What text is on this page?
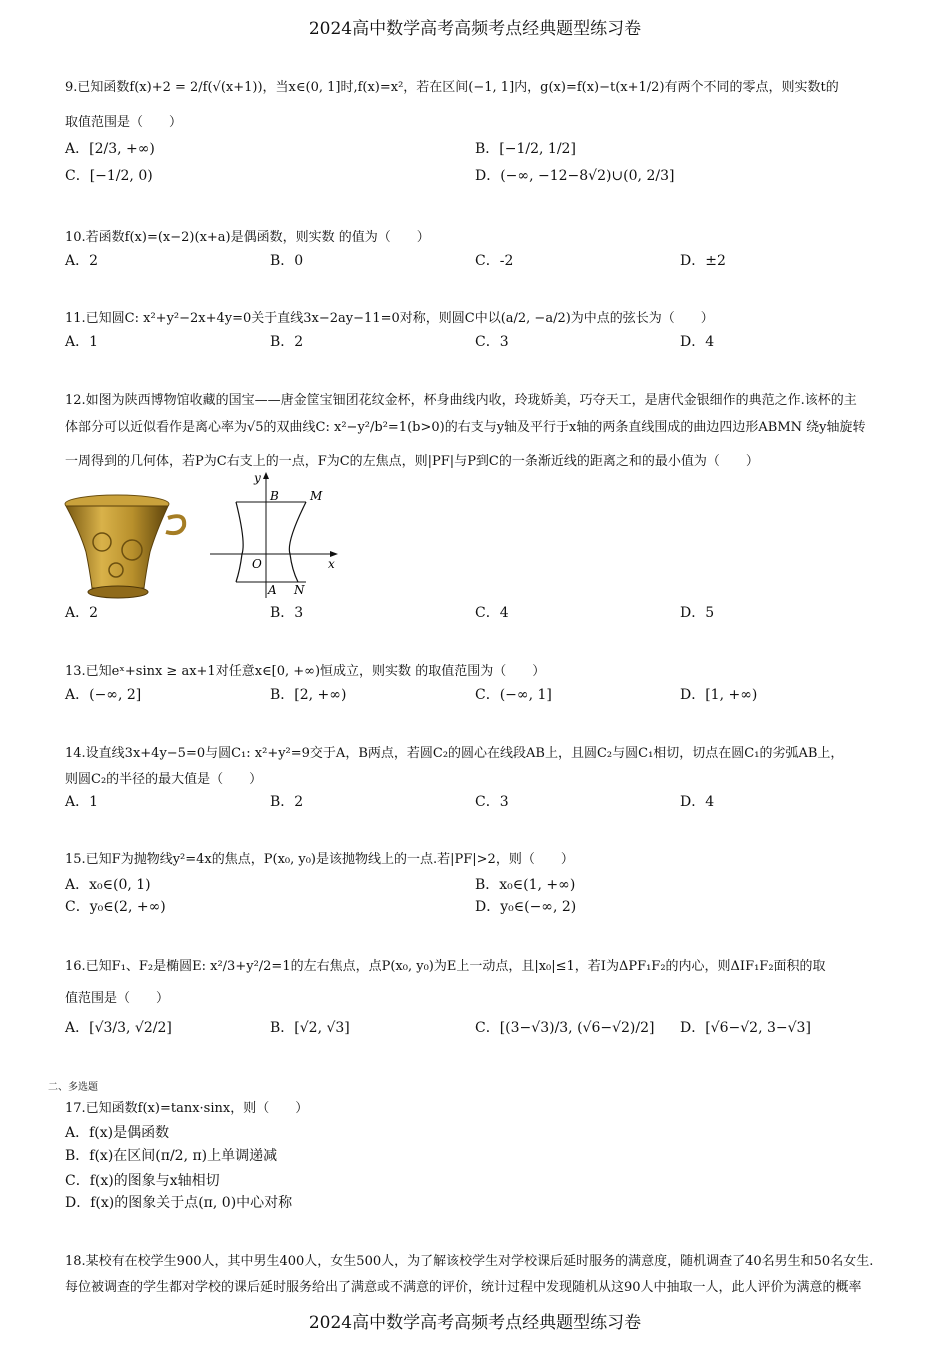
2024高中数学高考高频考点经典题型练习卷
9.已知函数f(x)+2 = 2/f(√(x+1))，当x∈(0, 1]时,f(x)=x²，若在区间(−1, 1]内，g(x)=f(x)−t(x+1/2)有两个不同的零点，则实数t的
取值范围是（　　）
A．[2/3, +∞)	B．[−1/2, 1/2]
C．[−1/2, 0)	D．(−∞, −12−8√2)∪(0, 2/3]
10.若函数f(x)=(x−2)(x+a)是偶函数，则实数 的值为（　　）
A．2	B．0	C．-2	D．±2
11.已知圆C: x²+y²−2x+4y=0关于直线3x−2ay−11=0对称，则圆C中以(a/2, −a/2)为中点的弦长为（　　）
A．1	B．2	C．3	D．4
12.如图为陕西博物馆收藏的国宝——唐金筐宝钿团花纹金杯，杯身曲线内收，玲珑娇美，巧夺天工，是唐代金银细作的典范之作.该杯的主
体部分可以近似看作是离心率为√5的双曲线C: x²−y²/b²=1(b>0)的右支与y轴及平行于x轴的两条直线围成的曲边四边形ABMN 绕y轴旋转
一周得到的几何体，若P为C右支上的一点，F为C的左焦点，则|PF|与P到C的一条渐近线的距离之和的最小值为（　　）
y
x
O
B	M
A N
A．2	B．3	C．4	D．5
13.已知eˣ+sinx ≥ ax+1对任意x∈[0, +∞)恒成立，则实数 的取值范围为（　　）
A．(−∞, 2]	B．[2, +∞)	C．(−∞, 1]	D．[1, +∞)
14.设直线3x+4y−5=0与圆C₁: x²+y²=9交于A，B两点，若圆C₂的圆心在线段AB上，且圆C₂与圆C₁相切，切点在圆C₁的劣弧AB上，
则圆C₂的半径的最大值是（　　）
A．1	B．2	C．3	D．4
15.已知F为抛物线y²=4x的焦点，P(x₀, y₀)是该抛物线上的一点.若|PF|>2，则（　　）
A．x₀∈(0, 1)	B．x₀∈(1, +∞)
C．y₀∈(2, +∞)	D．y₀∈(−∞, 2)
16.已知F₁、F₂是椭圆E: x²/3+y²/2=1的左右焦点，点P(x₀, y₀)为E上一动点，且|x₀|≤1，若I为ΔPF₁F₂的内心，则ΔIF₁F₂面积的取
值范围是（　　）
A．[√3/3, √2/2]	B．[√2, √3]	C．[(3−√3)/3, (√6−√2)/2] D．[√6−√2, 3−√3]
二、多选题
17.已知函数f(x)=tanx·sinx，则（　　）
A．f(x)是偶函数
B．f(x)在区间(π/2, π)上单调递减
C．f(x)的图象与x轴相切
D．f(x)的图象关于点(π, 0)中心对称
18.某校有在校学生900人，其中男生400人，女生500人，为了解该校学生对学校课后延时服务的满意度，随机调查了40名男生和50名女生.
每位被调查的学生都对学校的课后延时服务给出了满意或不满意的评价，统计过程中发现随机从这90人中抽取一人，此人评价为满意的概率
2024高中数学高考高频考点经典题型练习卷
